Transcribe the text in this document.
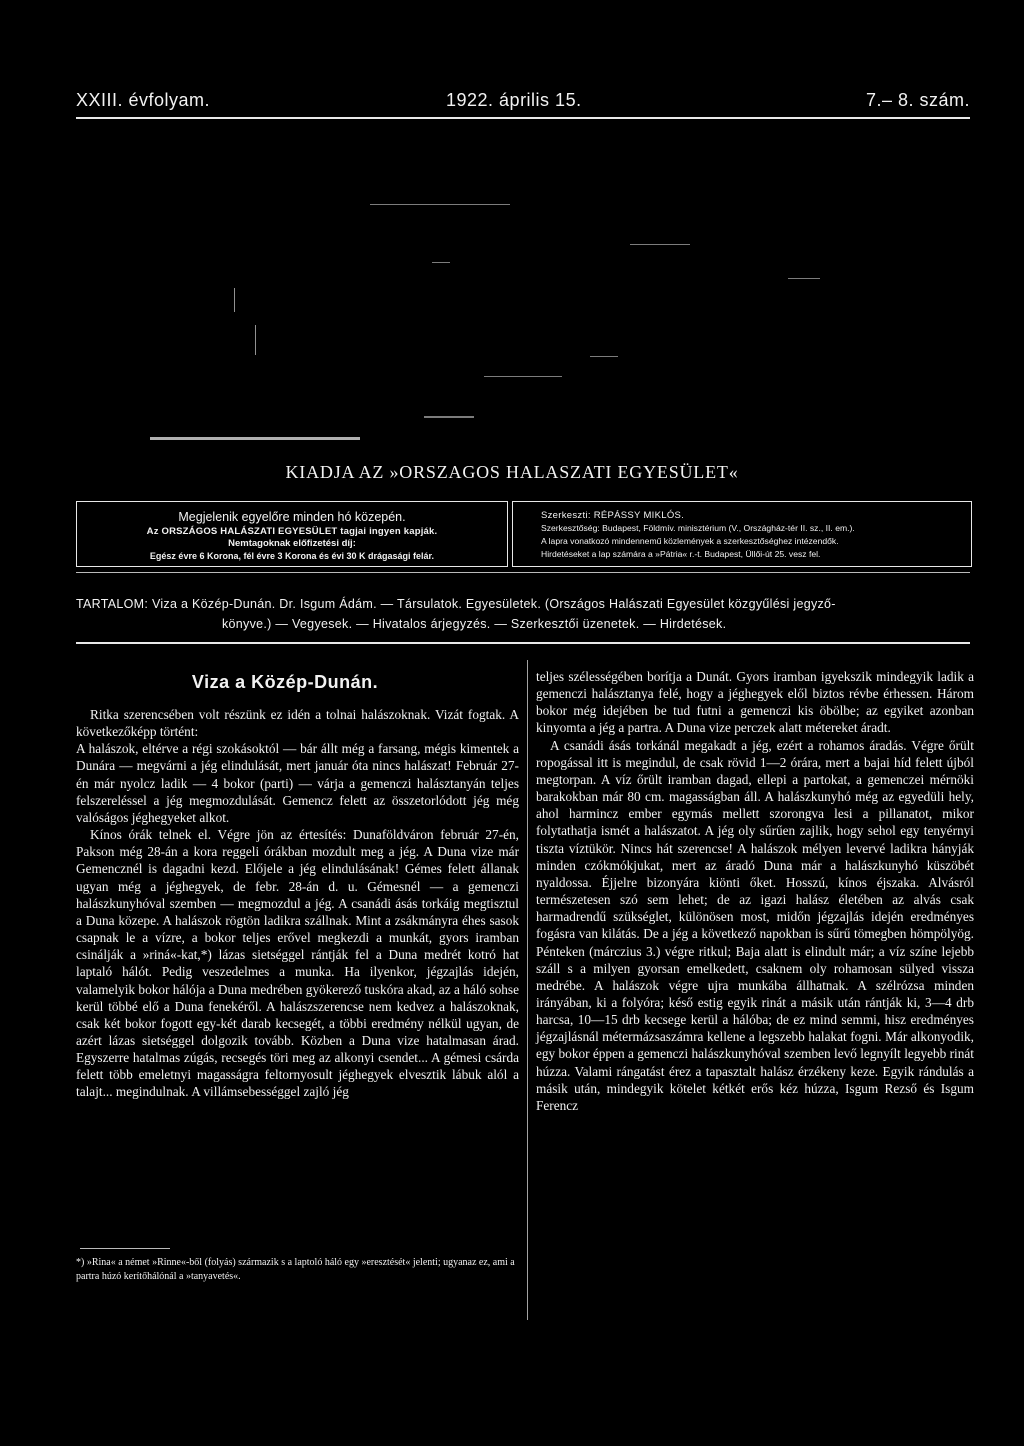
XXIII. évfolyam.	1922. április 15.	7.– 8. szám.
KIADJA AZ »ORSZAGOS HALASZATI EGYESÜLET«

Megjelenik egyelőre minden hó közepén.

Az ORSZÁGOS HALÁSZATI EGYESÜLET tagjai ingyen kapják.

Nemtagoknak előfizetési díj:

Egész évre 6 Korona, fél évre 3 Korona és évi 30 K drágasági felár.

Szerkeszti: RÉPÁSSY MIKLÓS.

Szerkesztőség: Budapest, Földmív. minisztérium (V., Országház-tér II. sz., II. em.).

A lapra vonatkozó mindennemű közlemények a szerkesztőséghez intézendők.

Hirdetéseket a lap számára a »Pátria« r.-t. Budapest, Üllői-út 25. vesz fel.

TARTALOM: Viza a Közép-Dunán. Dr. Isgum Ádám. — Társulatok. Egyesületek. (Országos Halászati Egyesület közgyűlési jegyző-
könyve.) — Vegyesek. — Hivatalos árjegyzés. — Szerkesztői üzenetek. — Hirdetések.
Viza a Közép-Dunán.

Ritka szerencsében volt részünk ez idén a tolnai halászoknak. Vizát fogtak. A következőképp történt:

A halászok, eltérve a régi szokásoktól — bár állt még a farsang, mégis kimentek a Dunára — megvárni a jég elindulását, mert január óta nincs halászat! Február 27-én már nyolcz ladik — 4 bokor (parti) — várja a gemenczi halásztanyán teljes felszereléssel a jég megmozdulását. Gemencz felett az összetorlódott jég még valóságos jéghegyeket alkot.

Kínos órák telnek el. Végre jön az értesítés: Dunaföldváron február 27-én, Pakson még 28-án a kora reggeli órákban mozdult meg a jég. A Duna vize már Gemencznél is dagadni kezd. Előjele a jég elindulásának! Gémes felett állanak ugyan még a jéghegyek, de febr. 28-án d. u. Gémesnél — a gemenczi halászkunyhóval szemben — megmozdul a jég. A csanádi ásás torkáig megtisztul a Duna közepe. A halászok rögtön ladikra szállnak. Mint a zsákmányra éhes sasok csapnak le a vízre, a bokor teljes erővel megkezdi a munkát, gyors iramban csinálják a »riná«-kat,*) lázas sietséggel rántják fel a Duna medrét kotró hat laptaló hálót. Pedig veszedelmes a munka. Ha ilyenkor, jégzajlás idején, valamelyik bokor hálója a Duna medrében gyökerező tuskóra akad, az a háló sohse kerül többé elő a Duna fenekéről. A halászszerencse nem kedvez a halászoknak, csak két bokor fogott egy-két darab kecsegét, a többi eredmény nélkül ugyan, de azért lázas sietséggel dolgozik tovább. Közben a Duna vize hatalmasan árad. Egyszerre hatalmas zúgás, recsegés töri meg az alkonyi csendet... A gémesi csárda felett több emeletnyi magasságra feltornyosult jéghegyek elvesztik lábuk alól a talajt... megindulnak. A villámsebességgel zajló jég

*) »Rina« a német »Rinne«-ből (folyás) származik s a laptoló háló egy »eresztését« jelenti; ugyanaz ez, ami a partra húzó kerítőhálónál a »tanyavetés«.

teljes szélességében borítja a Dunát. Gyors iramban igyekszik mindegyik ladik a gemenczi halásztanya felé, hogy a jéghegyek elől biztos révbe érhessen. Három bokor még idejében be tud futni a gemenczi kis öbölbe; az egyiket azonban kinyomta a jég a partra. A Duna vize perczek alatt métereket áradt.

A csanádi ásás torkánál megakadt a jég, ezért a rohamos áradás. Végre őrült ropogással itt is megindul, de csak rövid 1—2 órára, mert a bajai híd felett újból megtorpan. A víz őrült iramban dagad, ellepi a partokat, a gemenczei mérnöki barakokban már 80 cm. magasságban áll. A halászkunyhó még az egyedüli hely, ahol harmincz ember egymás mellett szorongva lesi a pillanatot, mikor folytathatja ismét a halászatot. A jég oly sűrűen zajlik, hogy sehol egy tenyérnyi tiszta víztükör. Nincs hát szerencse! A halászok mélyen levervé ladikra hányják minden czókmókjukat, mert az áradó Duna már a halászkunyhó küszöbét nyaldossa. Éjjelre bizonyára kiönti őket. Hosszú, kínos éjszaka. Alvásról természetesen szó sem lehet; de az igazi halász életében az alvás csak harmadrendű szükséglet, különösen most, midőn jégzajlás idején eredményes fogásra van kilátás. De a jég a következő napokban is sűrű tömegben hömpölyög. Pénteken (márczius 3.) végre ritkul; Baja alatt is elindult már; a víz színe lejebb száll s a milyen gyorsan emelkedett, csaknem oly rohamosan sülyed vissza medrébe. A halászok végre ujra munkába állhatnak. A szélrózsa minden irányában, ki a folyóra; késő estig egyik rinát a másik után rántják ki, 3—4 drb harcsa, 10—15 drb kecsege kerül a hálóba; de ez mind semmi, hisz eredményes jégzajlásnál métermázsaszámra kellene a legszebb halakat fogni. Már alkonyodik, egy bokor éppen a gemenczi halászkunyhóval szemben levő legnyílt legyebb rinát húzza. Valami rángatást érez a tapasztalt halász érzékeny keze. Egyik rándulás a másik után, mindegyik kötelet kétkét erős kéz húzza, Isgum Rezső és Isgum Ferencz
